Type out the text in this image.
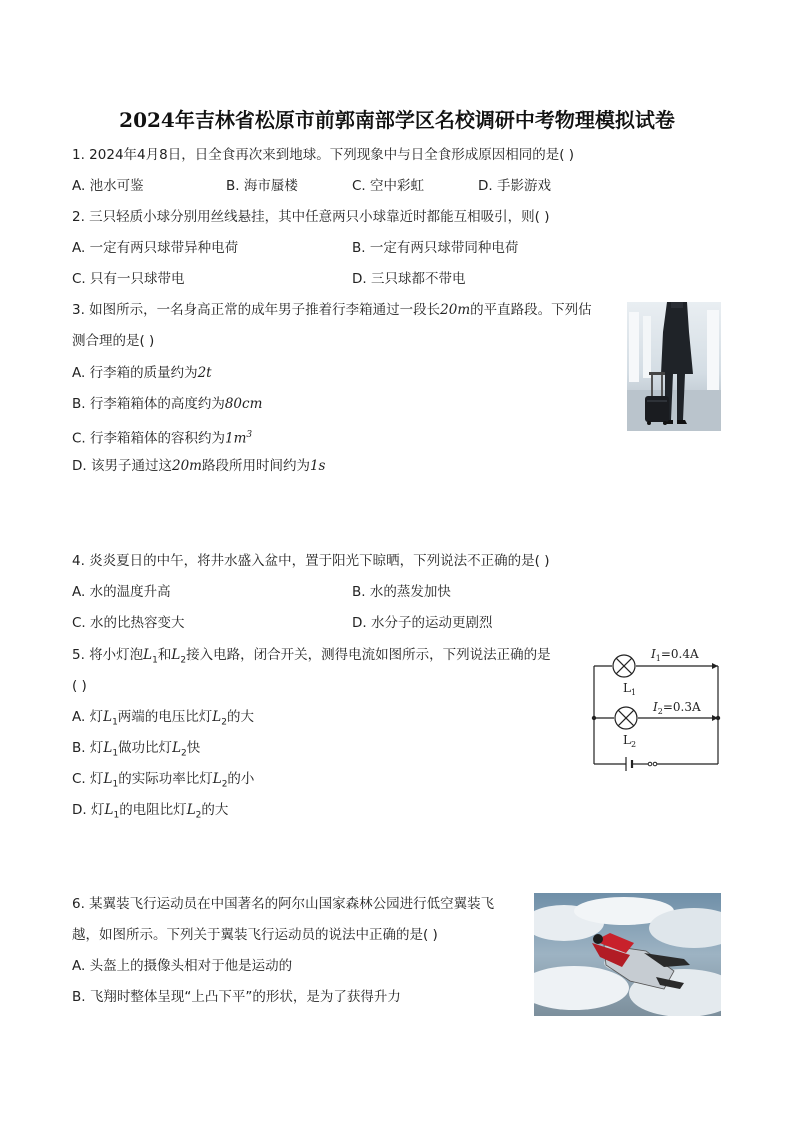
2024年吉林省松原市前郭南部学区名校调研中考物理模拟试卷
1. 2024年4月8日，日全食再次来到地球。下列现象中与日全食形成原因相同的是( )
A. 池水可鉴	B. 海市蜃楼	C. 空中彩虹	D. 手影游戏
2. 三只轻质小球分别用丝线悬挂，其中任意两只小球靠近时都能互相吸引，则( )
A. 一定有两只球带异种电荷	B. 一定有两只球带同种电荷
C. 只有一只球带电	D. 三只球都不带电
3. 如图所示，一名身高正常的成年男子推着行李箱通过一段长20m的平直路段。下列估
测合理的是( )
A. 行李箱的质量约为2t
B. 行李箱箱体的高度约为80cm
C. 行李箱箱体的容积约为$1m^3$
D. 该男子通过这20m路段所用时间约为1s
4. 炎炎夏日的中午，将井水盛入盆中，置于阳光下晾晒，下列说法不正确的是( )
A. 水的温度升高	B. 水的蒸发加快
C. 水的比热容变大	D. 水分子的运动更剧烈
5. 将小灯泡$L_1$和$L_2$接入电路，闭合开关，测得电流如图所示，下列说法正确的是
( )
A. 灯$L_1$两端的电压比灯$L_2$的大
B. 灯$L_1$做功比灯$L_2$快
C. 灯$L_1$的实际功率比灯$L_2$的小
D. 灯$L_1$的电阻比灯$L_2$的大
$I_1=0.4A$
$I_2=0.3A$
$L_1$
$L_2$
6. 某翼装飞行运动员在中国著名的阿尔山国家森林公园进行低空翼装飞
越，如图所示。下列关于翼装飞行运动员的说法中正确的是( )
A. 头盔上的摄像头相对于他是运动的
B. 飞翔时整体呈现“上凸下平”的形状，是为了获得升力
